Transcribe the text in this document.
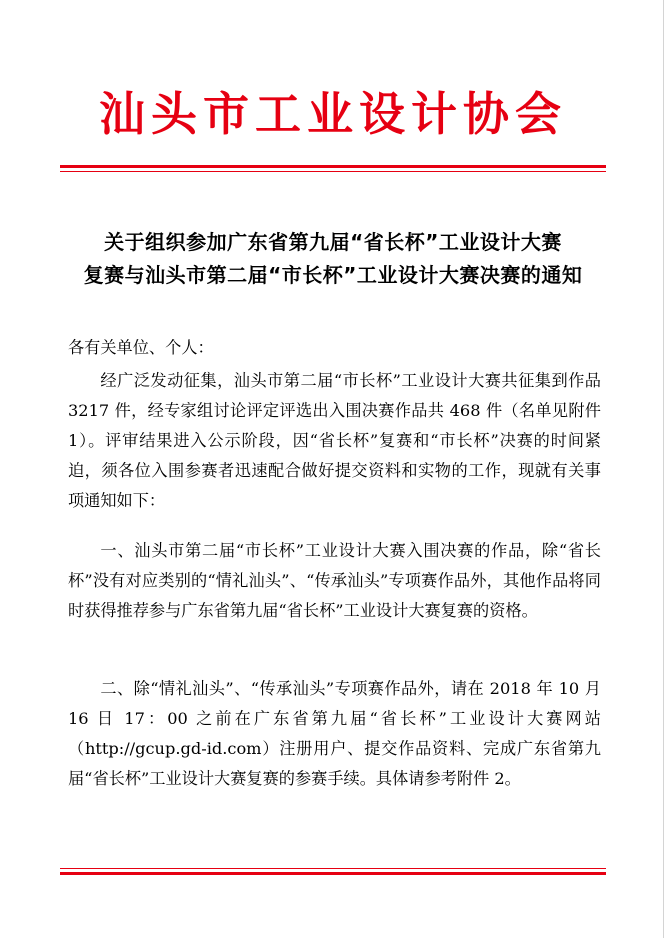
汕头市工业设计协会
关于组织参加广东省第九届“省长杯”工业设计大赛
复赛与汕头市第二届“市长杯”工业设计大赛决赛的通知
各有关单位、个人：
经广泛发动征集，汕头市第二届“市长杯”工业设计大赛共征集到作品 3217 件，经专家组讨论评定评选出入围决赛作品共 468 件（名单见附件 1）。评审结果进入公示阶段，因“省长杯”复赛和“市长杯”决赛的时间紧迫，须各位入围参赛者迅速配合做好提交资料和实物的工作，现就有关事项通知如下：
一、汕头市第二届“市长杯”工业设计大赛入围决赛的作品，除“省长杯”没有对应类别的“情礼汕头”、“传承汕头”专项赛作品外，其他作品将同时获得推荐参与广东省第九届“省长杯”工业设计大赛复赛的资格。
二、除“情礼汕头”、“传承汕头”专项赛作品外，请在 2018 年 10 月 16 日 17：00 之前在广东省第九届“省长杯”工业设计大赛网站（http://gcup.gd-id.com）注册用户、提交作品资料、完成广东省第九届“省长杯”工业设计大赛复赛的参赛手续。具体请参考附件 2。
